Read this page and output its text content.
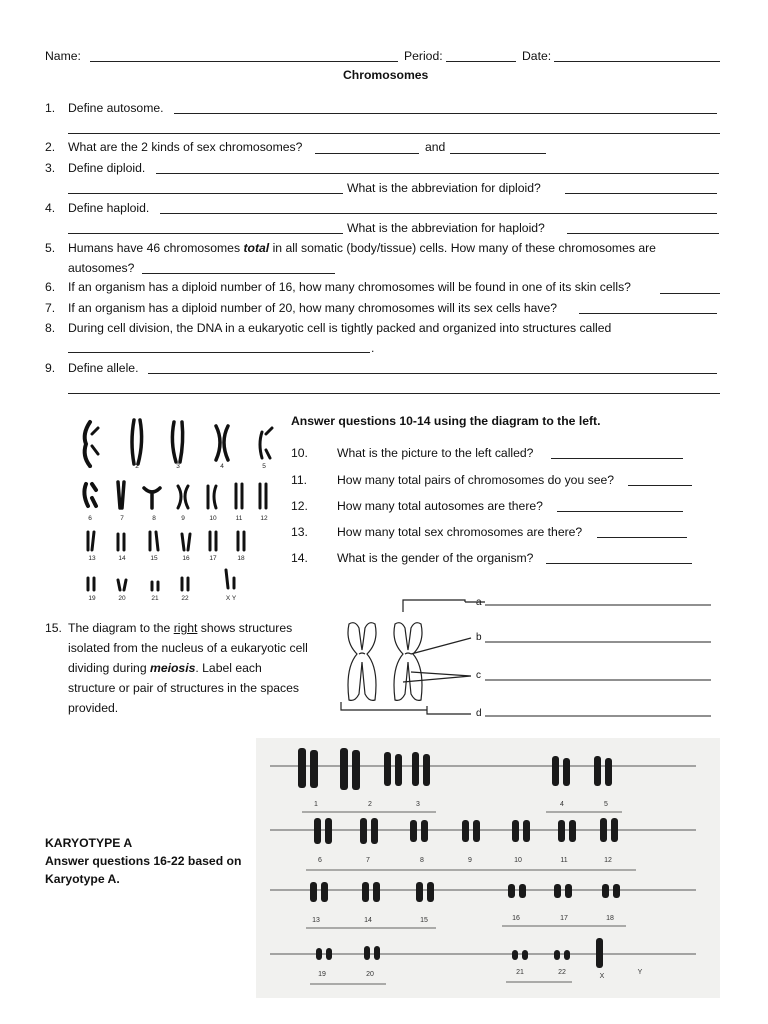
Name:	Period:	Date:
Chromosomes
1. Define autosome.
2. What are the 2 kinds of sex chromosomes?	and
3. Define diploid.
What is the abbreviation for diploid?
4. Define haploid.
What is the abbreviation for haploid?
5. Humans have 46 chromosomes total in all somatic (body/tissue) cells. How many of these chromosomes are
autosomes?
6. If an organism has a diploid number of 16, how many chromosomes will be found in one of its skin cells?
7. If an organism has a diploid number of 20, how many chromosomes will its sex cells have?
8. During cell division, the DNA in a eukaryotic cell is tightly packed and organized into structures called
.
9. Define allele.
1	2	3	4	5
6	7	8	9	10	11	12
13	14	15	16	17	18
19	20	21	22	X Y
Answer questions 10-14 using the diagram to the left.
10. What is the picture to the left called?
11. How many total pairs of chromosomes do you see?
12. How many total autosomes are there?
13. How many total sex chromosomes are there?
14. What is the gender of the organism?
15. The diagram to the right shows structures
isolated from the nucleus of a eukaryotic cell
dividing during meiosis. Label each
structure or pair of structures in the spaces
provided.
a
b
c
d
KARYOTYPE A
Answer questions 16-22 based on
Karyotype A.
1	2	3	4	5
6	7	8	9	10	11	12
13	14	15	16	17	18
19	20	21	22
X
Y
